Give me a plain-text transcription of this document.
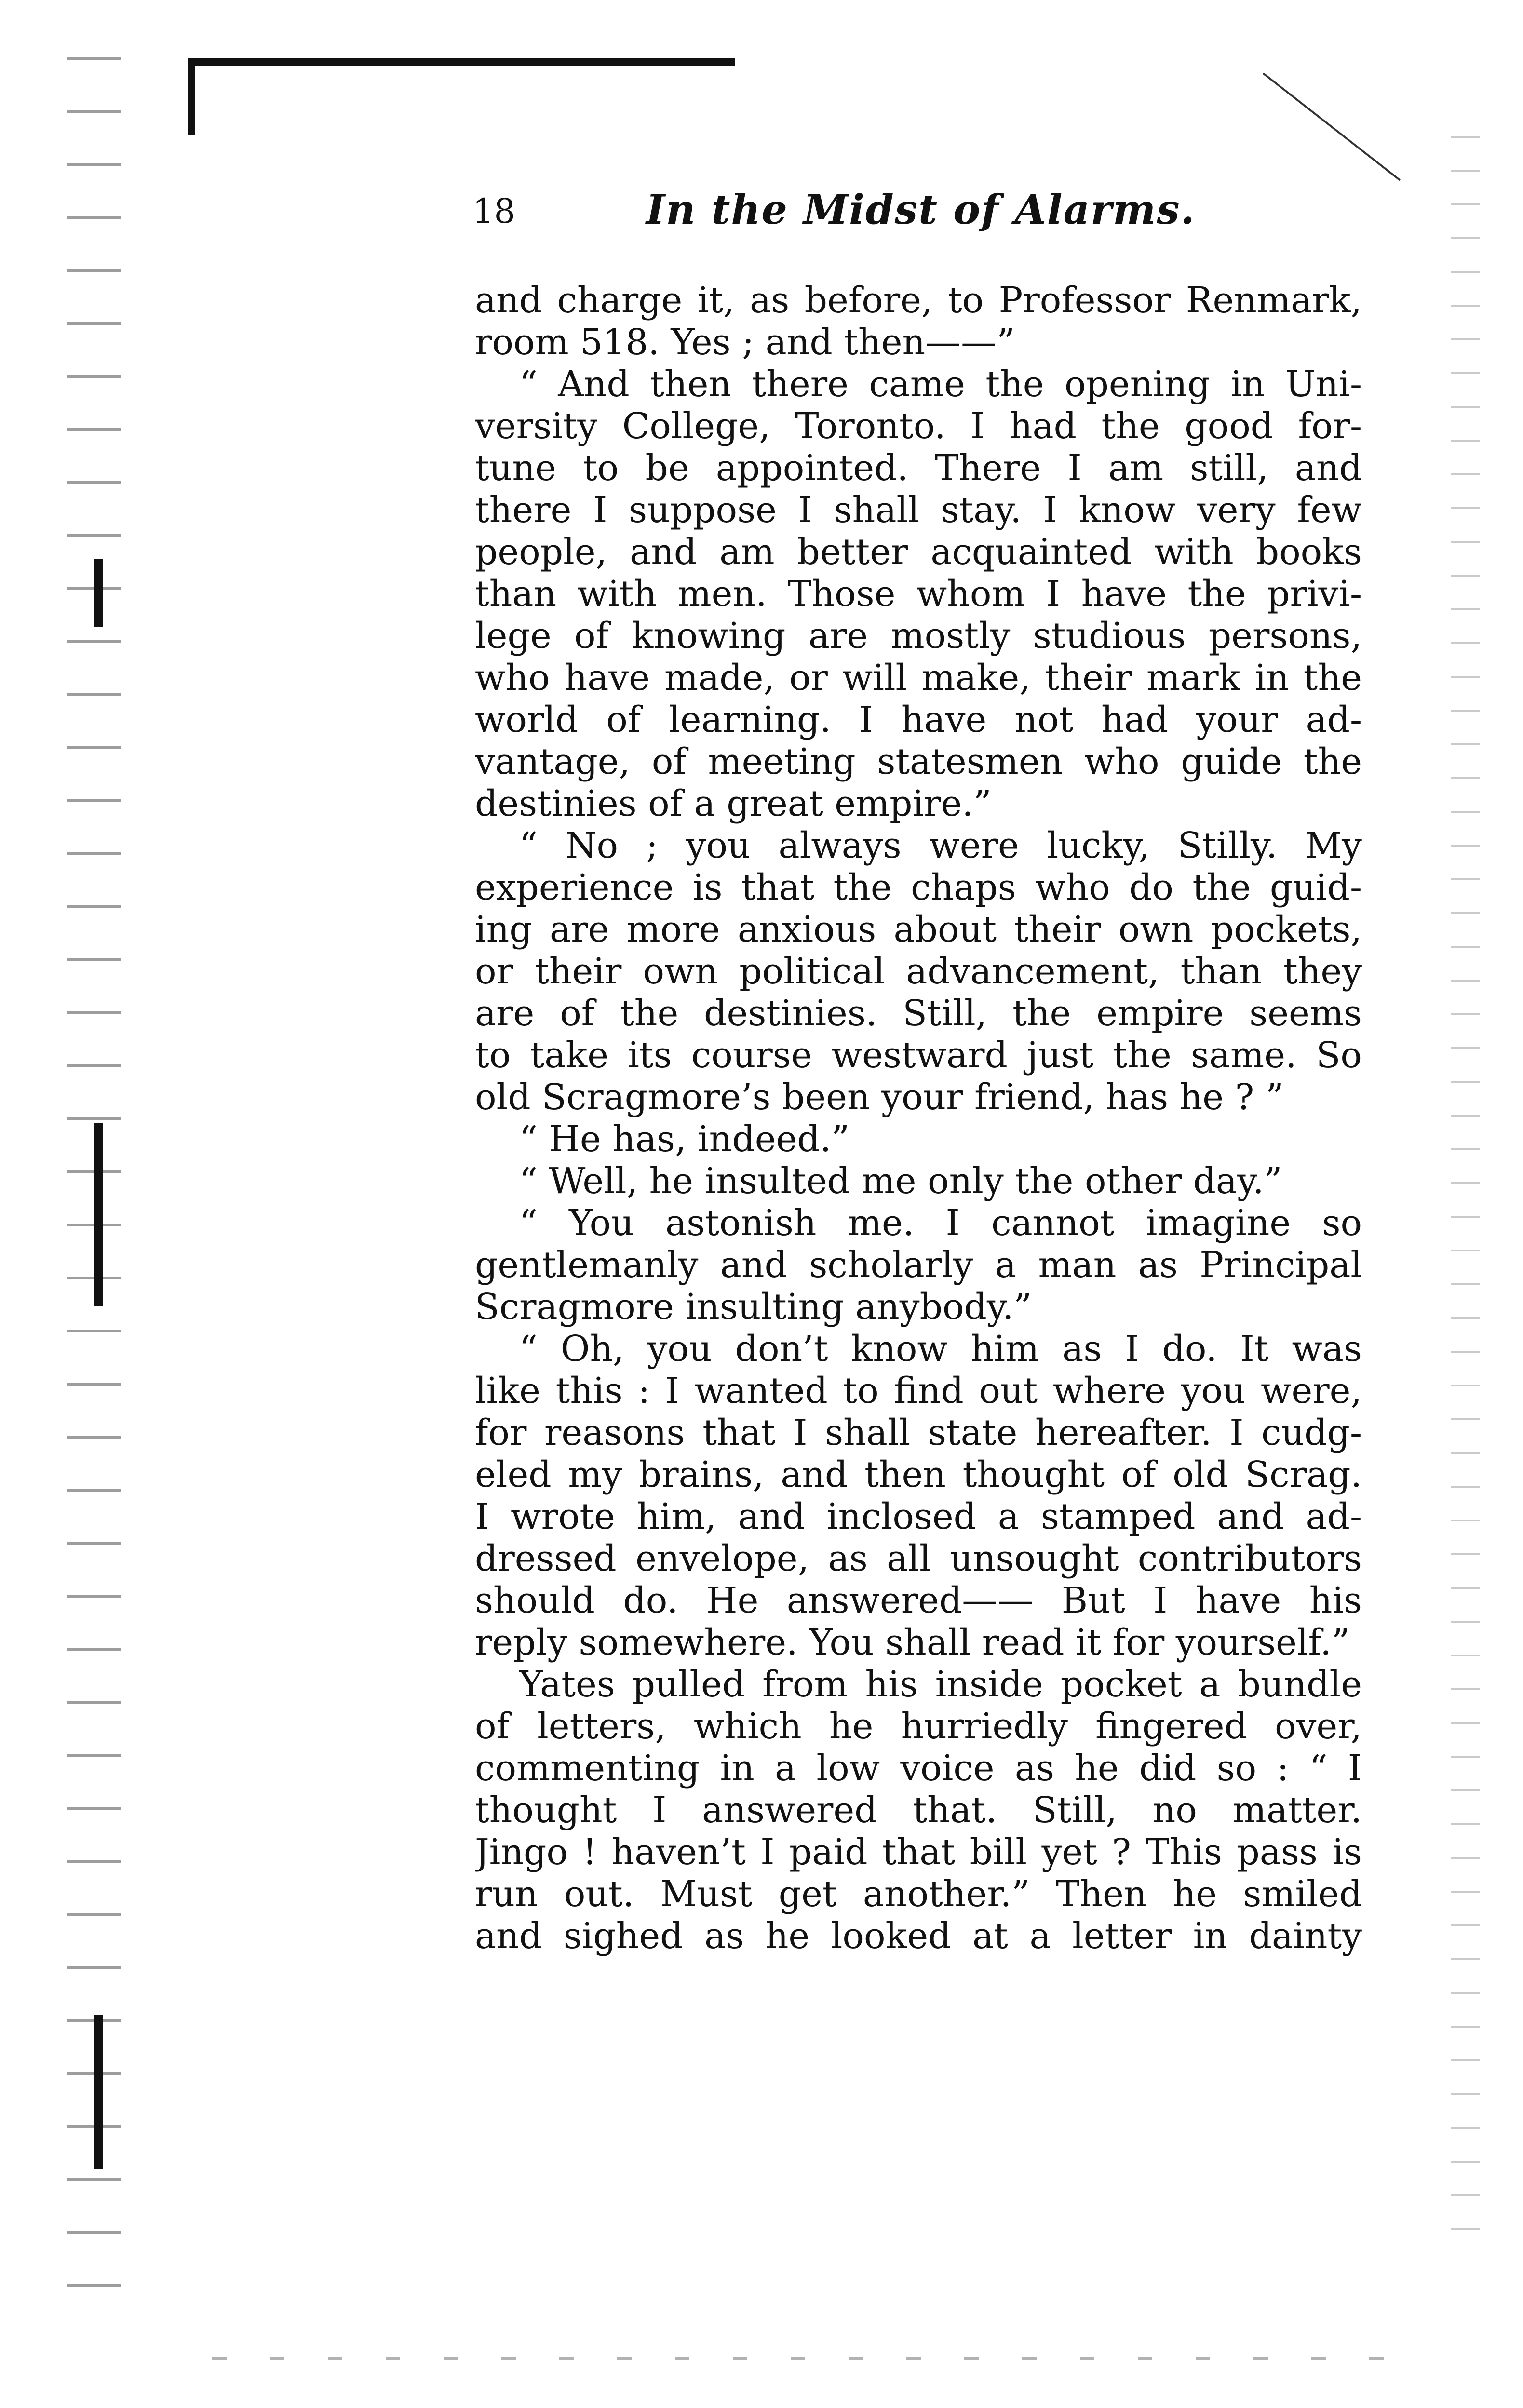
18	In the Midst of Alarms.
and charge it, as before, to Professor Renmark,
room 518. Yes ; and then——”
“ And then there came the opening in Uni-
versity College, Toronto. I had the good for-
tune to be appointed. There I am still, and
there I suppose I shall stay. I know very few
people, and am better acquainted with books
than with men. Those whom I have the privi-
lege of knowing are mostly studious persons,
who have made, or will make, their mark in the
world of learning. I have not had your ad-
vantage, of meeting statesmen who guide the
destinies of a great empire.”
“ No ; you always were lucky, Stilly. My
experience is that the chaps who do the guid-
ing are more anxious about their own pockets,
or their own political advancement, than they
are of the destinies. Still, the empire seems
to take its course westward just the same. So
old Scragmore’s been your friend, has he ? ”
“ He has, indeed.”
“ Well, he insulted me only the other day.”
“ You astonish me. I cannot imagine so
gentlemanly and scholarly a man as Principal
Scragmore insulting anybody.”
“ Oh, you don’t know him as I do. It was
like this : I wanted to find out where you were,
for reasons that I shall state hereafter. I cudg-
eled my brains, and then thought of old Scrag.
I wrote him, and inclosed a stamped and ad-
dressed envelope, as all unsought contributors
should do. He answered—— But I have his
reply somewhere. You shall read it for yourself.”
Yates pulled from his inside pocket a bundle
of letters, which he hurriedly fingered over,
commenting in a low voice as he did so : “ I
thought I answered that. Still, no matter.
Jingo ! haven’t I paid that bill yet ? This pass is
run out. Must get another.” Then he smiled
and sighed as he looked at a letter in dainty
